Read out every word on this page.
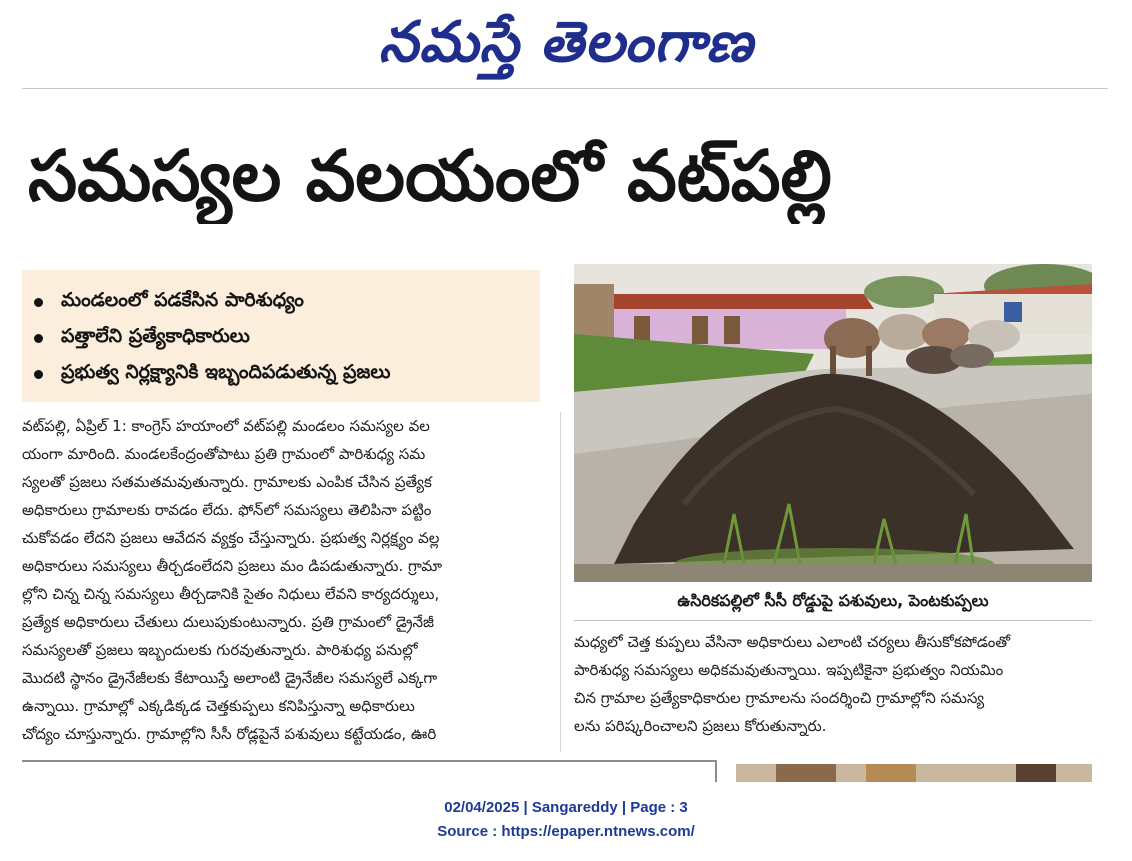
నమస్తే తెలంగాణ
సమస్యల వలయంలో వట్‌పల్లి
మండలంలో పడకేసిన పారిశుధ్యం
పత్తాలేని ప్రత్యేకాధికారులు
ప్రభుత్వ నిర్లక్ష్యానికి ఇబ్బందిపడుతున్న ప్రజలు
వట్‌పల్లి, ఏప్రిల్ 1: కాంగ్రెస్ హయాంలో వట్‌పల్లి మండలం సమస్యల వల
యంగా మారింది. మండలకేంద్రంతోపాటు ప్రతి గ్రామంలో పారిశుధ్య సమ
స్యలతో ప్రజలు సతమతమవుతున్నారు. గ్రామాలకు ఎంపిక చేసిన ప్రత్యేక
అధికారులు గ్రామాలకు రావడం లేదు. ఫోన్‌లో సమస్యలు తెలిపినా పట్టిం
చుకోవడం లేదని ప్రజలు ఆవేదన వ్యక్తం చేస్తున్నారు. ప్రభుత్వ నిర్లక్ష్యం వల్ల
అధికారులు సమస్యలు తీర్చడంలేదని ప్రజలు మం డిపడుతున్నారు. గ్రామా
ల్లోని చిన్న చిన్న సమస్యలు తీర్చడానికి సైతం నిధులు లేవని కార్యదర్శులు,
ప్రత్యేక అధికారులు చేతులు దులుపుకుంటున్నారు. ప్రతి గ్రామంలో డ్రైనేజీ
సమస్యలతో ప్రజలు ఇబ్బందులకు గురవుతున్నారు. పారిశుధ్య పనుల్లో
మొదటి స్థానం డ్రైనేజీలకు కేటాయిస్తే అలాంటి డ్రైనేజీల సమస్యలే ఎక్కగా
ఉన్నాయి. గ్రామాల్లో ఎక్కడిక్కడ చెత్తకుప్పలు కనిపిస్తున్నా అధికారులు
చోద్యం చూస్తున్నారు. గ్రామాల్లోని సీసీ రోడ్లపైనే పశువులు కట్టేయడం, ఊరి
ఉసిరికపల్లిలో సీసీ రోడ్డుపై పశువులు, పెంటకుప్పలు
మధ్యలో చెత్త కుప్పలు వేసినా అధికారులు ఎలాంటి చర్యలు తీసుకోకపోడంతో
పారిశుధ్య సమస్యలు అధికమవుతున్నాయి. ఇప్పటికైనా ప్రభుత్వం నియమిం
చిన గ్రామాల ప్రత్యేకాధికారుల గ్రామాలను సందర్శించి గ్రామాల్లోని సమస్య
లను పరిష్కరించాలని ప్రజలు కోరుతున్నారు.
02/04/2025 | Sangareddy | Page : 3
Source : https://epaper.ntnews.com/
